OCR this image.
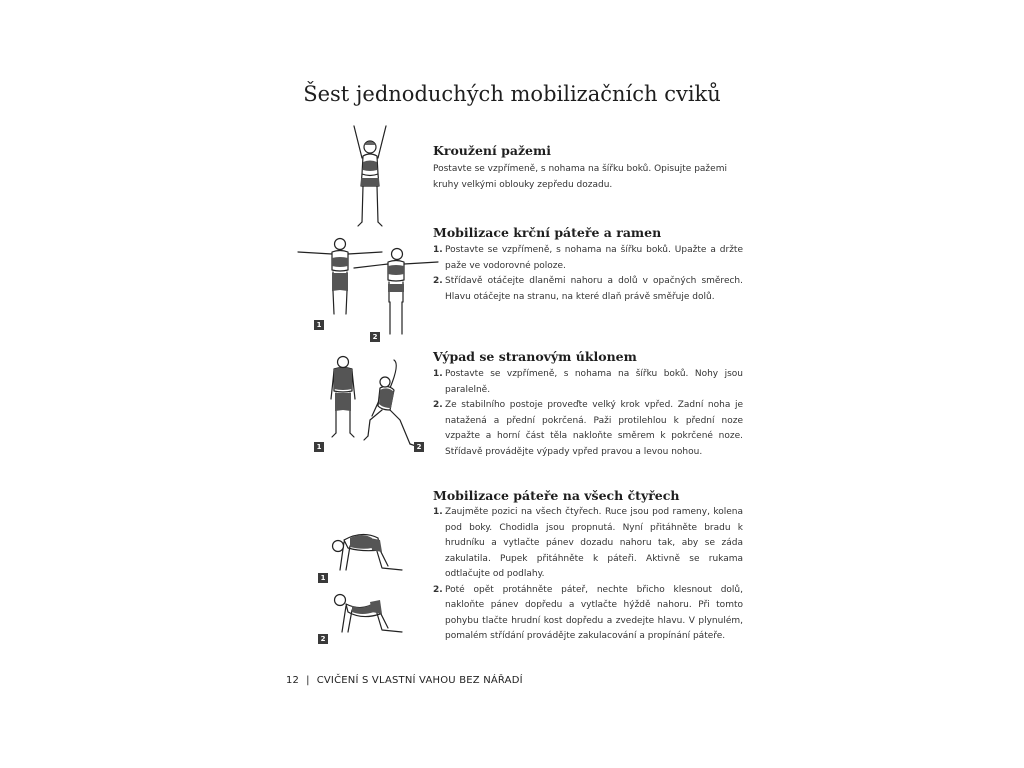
Šest jednoduchých mobilizačních cviků
Kroužení pažemi

Postavte se vzpřímeně, s nohama na šířku boků. Opisujte pažemi kruhy velkými oblouky zepředu dozadu.

1
2
Mobilizace krční páteře a ramen
1. Postavte se vzpřímeně, s nohama na šířku boků. Upažte a držte paže ve vodorovné poloze.
2. Střídavě otáčejte dlaněmi nahoru a dolů v opačných směrech. Hlavu otáčejte na stranu, na které dlaň právě směřuje dolů.
1	2
Výpad se stranovým úklonem
1. Postavte se vzpřímeně, s nohama na šířku boků. Nohy jsou paralelně.
2. Ze stabilního postoje proveďte velký krok vpřed. Zadní noha je natažená a přední pokrčená. Paži protilehlou k přední noze vzpažte a horní část těla nakloňte směrem k pokrčené noze. Střídavě provádějte výpady vpřed pravou a levou nohou.
1
2
Mobilizace páteře na všech čtyřech
1. Zaujměte pozici na všech čtyřech. Ruce jsou pod rameny, kolena pod boky. Chodidla jsou propnutá. Nyní přitáhněte bradu k hrudníku a vytlačte pánev dozadu nahoru tak, aby se záda zakulatila. Pupek přitáhněte k páteři. Aktivně se rukama odtlačujte od podlahy.
2. Poté opět protáhněte páteř, nechte břicho klesnout dolů, nakloňte pánev dopředu a vytlačte hýždě nahoru. Při tomto pohybu tlačte hrudní kost dopředu a zvedejte hlavu. V plynulém, pomalém střídání provádějte zakulacování a propínání páteře.
12 | CVIČENÍ S VLASTNÍ VAHOU BEZ NÁŘADÍ
